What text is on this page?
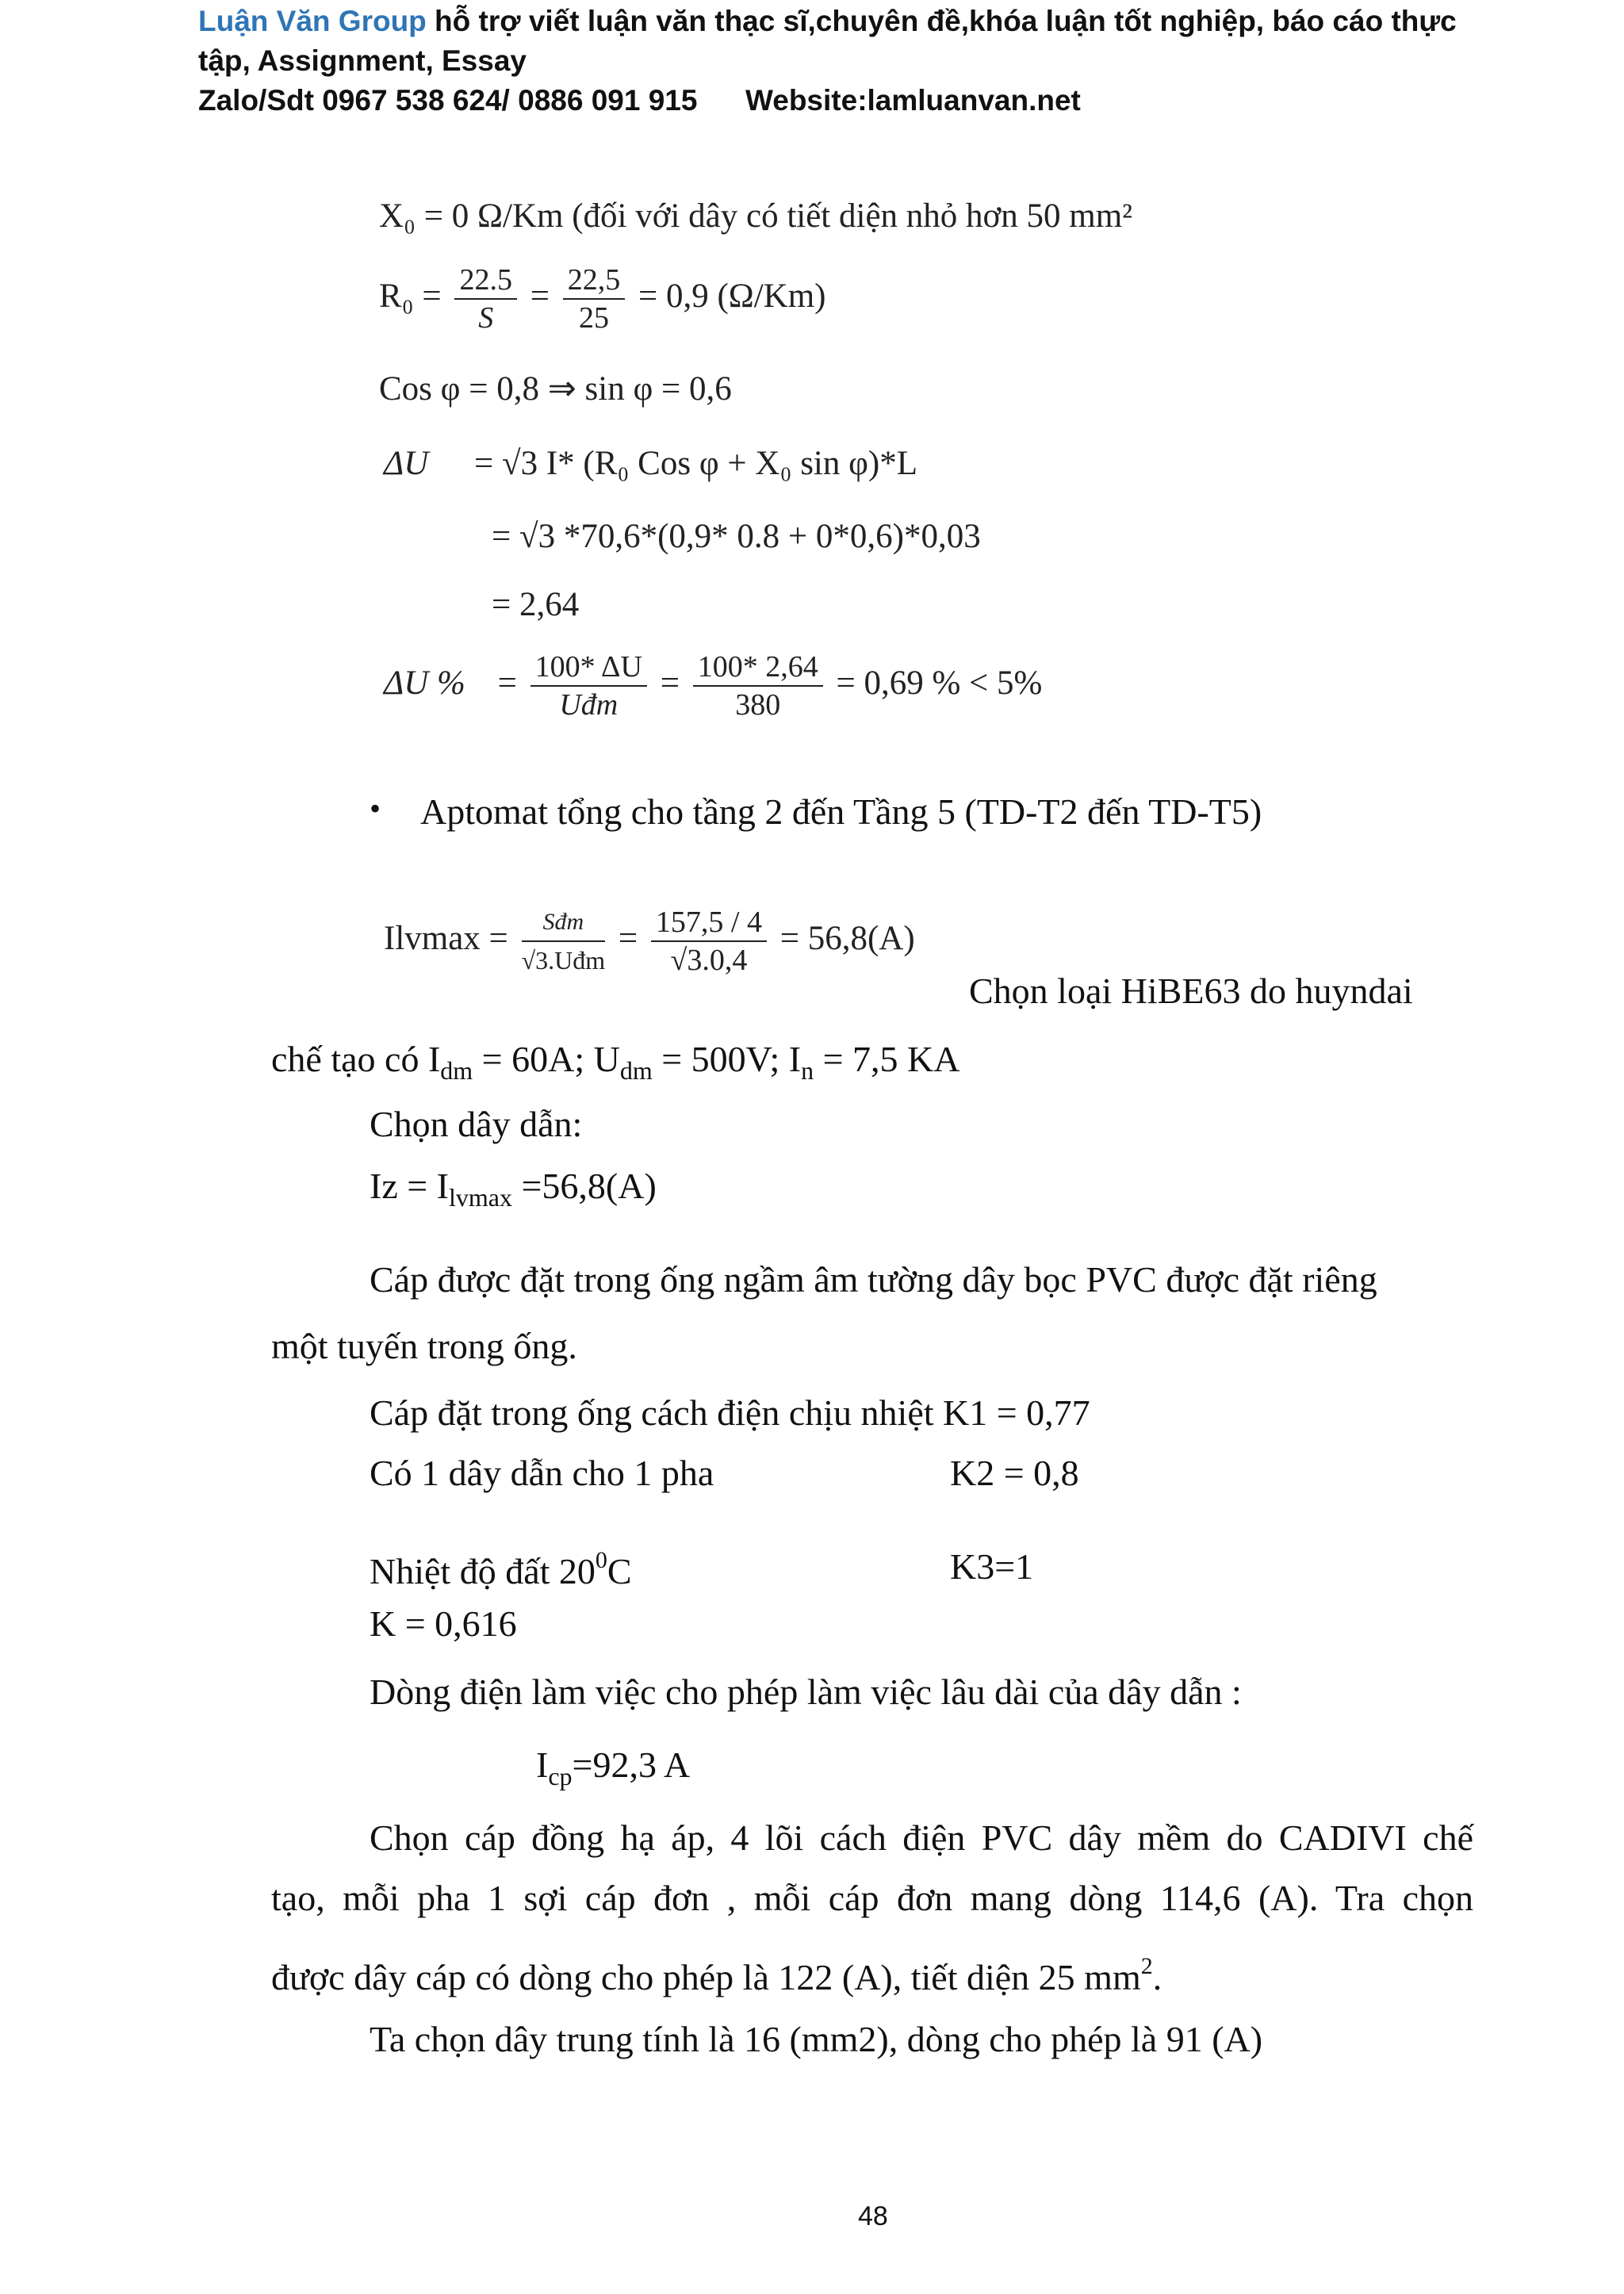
Luận Văn Group hỗ trợ viết luận văn thạc sĩ,chuyên đề,khóa luận tốt nghiệp, báo cáo thực
tập, Assignment, Essay
Zalo/Sdt 0967 538 624/ 0886 091 915 Website:lamluanvan.net
X₀ = 0 Ω/Km (đối với dây có tiết diện nhỏ hơn 50 mm²
$R_0 = \frac{22.5}{S} = \frac{22,5}{25} = 0,9$ (Ω/Km)
Cos φ = 0,8 ⇒ sin φ = 0,6
ΔU = √3 I* (R₀ Cos φ + X₀ sin φ)*L
= √3 *70,6*(0,9* 0.8 + 0*0,6)*0,03
= 2,64
ΔU % = $\frac{100* \Delta U}{\text{Uđm}} = \frac{100* 2,64}{380} = 0,69$ % < 5%
• Aptomat tổng cho tầng 2 đến Tầng 5 (TD-T2 đến TD-T5)
$Ilvmax = \frac{\text{Sđm}}{\text{√3.Uđm}} = \frac{157,5 / 4}{√3.0,4} = 56,8(A)$
Chọn loại HiBE63 do huyndai
chế tạo có $I_{dm} = 60A$; $U_{dm} = 500V$; $I_n = 7,5$ KA
Chọn dây dẫn:
$Iz = I_{lvmax} =56,8(A)$
Cáp được đặt trong ống ngầm âm tường dây bọc PVC được đặt riêng
một tuyến trong ống.
Cáp đặt trong ống cách điện chịu nhiệt K1 = 0,77
Có 1 dây dẫn cho 1 pha	K2 = 0,8
Nhiệt độ đất $20^0C$	K3=1
K = 0,616
Dòng điện làm việc cho phép làm việc lâu dài của dây dẫn :
$I_{cp}=92,3$ A
Chọn cáp đồng hạ áp, 4 lõi cách điện PVC dây mềm do CADIVI chế
tạo, mỗi pha 1 sợi cáp đơn , mỗi cáp đơn mang dòng 114,6 (A). Tra chọn
được dây cáp có dòng cho phép là 122 (A), tiết diện 25 $mm^2$.
Ta chọn dây trung tính là 16 (mm2), dòng cho phép là 91 (A)
48
